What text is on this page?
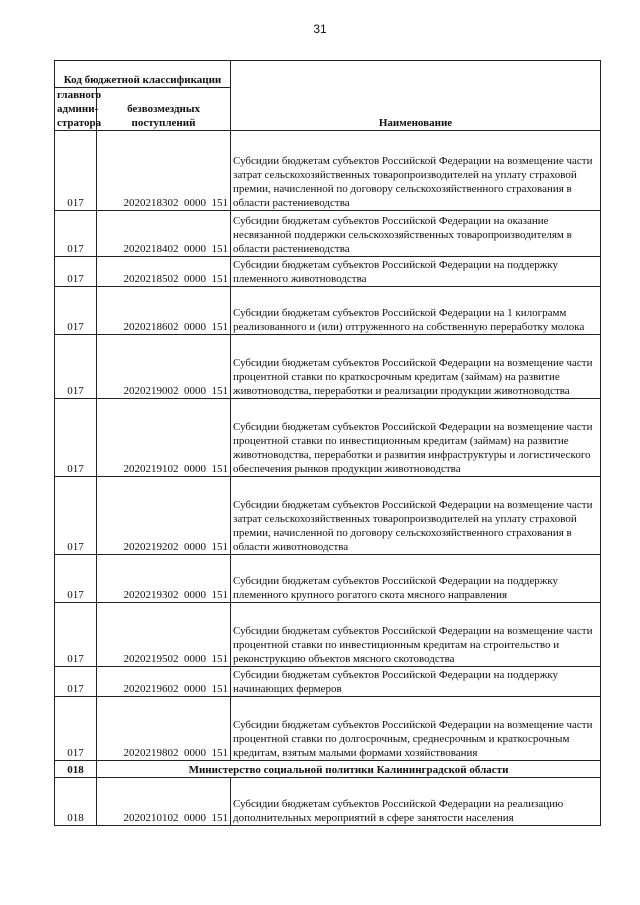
31
Код бюджетной классификации		Наименование
главного админи-стратора	безвозмездных поступлений	
017	2020218302  0000  151	Субсидии бюджетам субъектов Российской Федерации на возмещение части затрат сельскохозяйственных товаропроизводителей на уплату страховой премии, начисленной по договору сельскохозяйственного страхования в области растениеводства
017	2020218402  0000  151	Субсидии бюджетам субъектов Российской Федерации на оказание несвязанной поддержки сельскохозяйственных товаропроизводителям в области растениеводства
017	2020218502  0000  151	Субсидии бюджетам субъектов Российской Федерации на поддержку племенного животноводства
017	2020218602  0000  151	Субсидии бюджетам субъектов Российской Федерации на 1 килограмм реализованного и (или) отгруженного на собственную переработку молока
017	2020219002  0000  151	Субсидии бюджетам субъектов Российской Федерации на возмещение части процентной ставки по краткосрочным кредитам (займам) на развитие животноводства, переработки и реализации продукции животноводства
017	2020219102  0000  151	Субсидии бюджетам субъектов Российской Федерации на возмещение части процентной ставки по инвестиционным кредитам (займам) на развитие животноводства, переработки и развития инфраструктуры и логистического обеспечения рынков продукции животноводства
017	2020219202  0000  151	Субсидии бюджетам субъектов Российской Федерации на возмещение части затрат сельскохозяйственных товаропроизводителей на уплату страховой премии, начисленной по договору сельскохозяйственного страхования в области животноводства
017	2020219302  0000  151	Субсидии бюджетам субъектов Российской Федерации на поддержку племенного крупного рогатого скота мясного направления
017	2020219502  0000  151	Субсидии бюджетам субъектов Российской Федерации на возмещение части процентной ставки по инвестиционным кредитам на строительство и реконструкцию объектов мясного скотоводства
017	2020219602  0000  151	Субсидии бюджетам субъектов Российской Федерации на поддержку начинающих фермеров
017	2020219802  0000  151	Субсидии бюджетам субъектов Российской Федерации на возмещение части процентной ставки по долгосрочным, среднесрочным и краткосрочным кредитам, взятым малыми формами хозяйствования
018	Министерство социальной политики Калининградской области	
018	2020210102  0000  151	Субсидии бюджетам субъектов Российской Федерации на реализацию дополнительных мероприятий в сфере занятости населения
